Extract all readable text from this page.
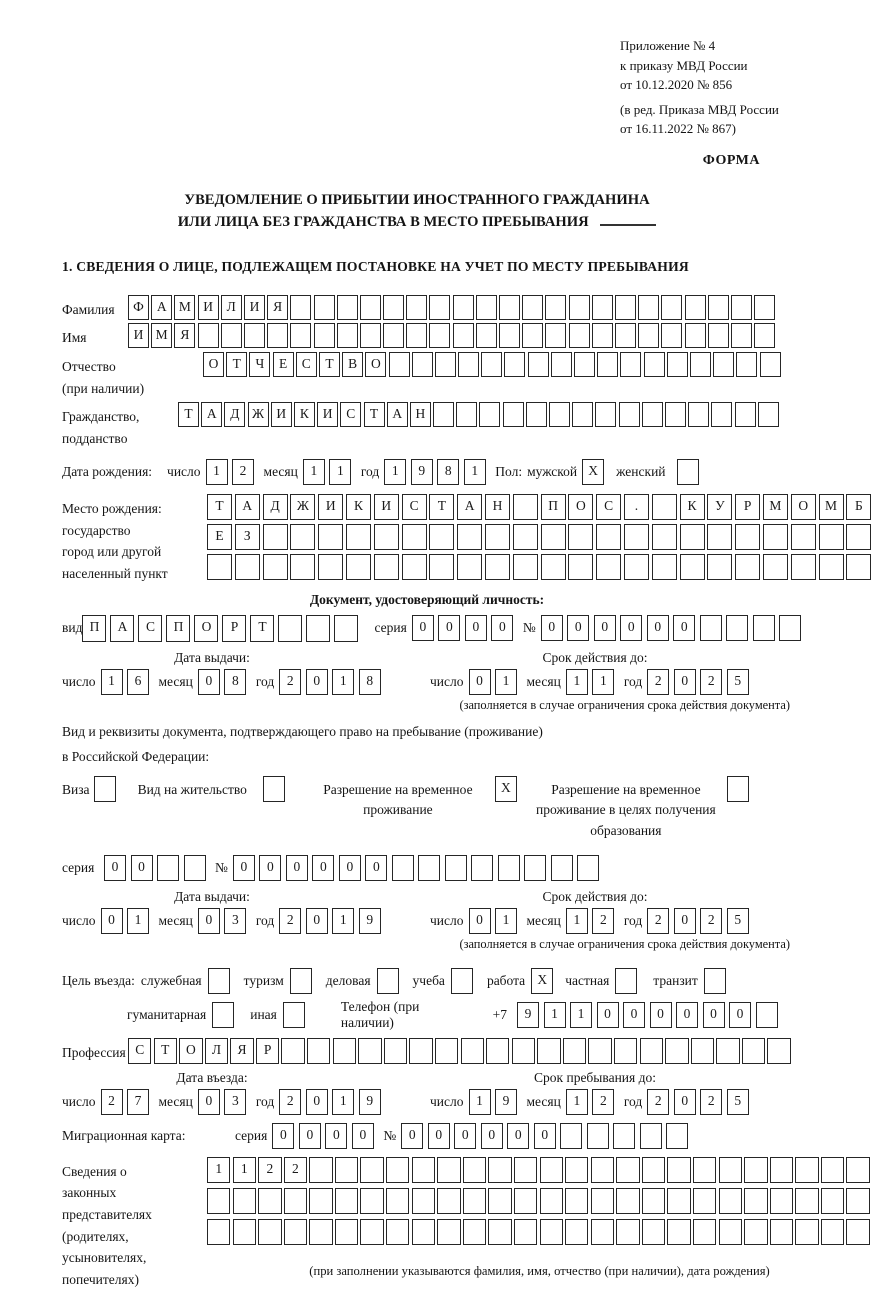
Приложение № 4
к приказу МВД России
от 10.12.2020 № 856
(в ред. Приказа МВД России
от 16.11.2022 № 867)
ФОРМА
УВЕДОМЛЕНИЕ О ПРИБЫТИИ ИНОСТРАННОГО ГРАЖДАНИНА
ИЛИ ЛИЦА БЕЗ ГРАЖДАНСТВА В МЕСТО ПРЕБЫВАНИЯ
1. СВЕДЕНИЯ О ЛИЦЕ, ПОДЛЕЖАЩЕМ ПОСТАНОВКЕ НА УЧЕТ ПО МЕСТУ ПРЕБЫВАНИЯ
Фамилия	Ф А М И	Л	И	Я
Имя	И М Я
Отчество
(при наличии)
О	Т	Ч	Е	С	Т	В	О
Гражданство,
подданство
Т	А	Д Ж И	К	И	С	Т	А Н
Дата рождения: число 1	2	месяц 1	1	год 1	9	8	1	Пол: мужской X	женский
Место рождения:
государство
город или другой
населенный пункт
Т	А	Д	Ж	И	К	И	С	Т	А	Н	П	О	С	.	К	У	Р	М	О	М	Б

Е	З

Документ, удостоверяющий личность:
вид П	А	С	П	О	Р	Т	серия 0	0	0	0	№ 0	0	0	0	0	0
Дата выдачи:
число 1	6	месяц 0	8	год 2	0	1	8
Срок действия до:
число 0	1	месяц 1	1	год 2	0	2	5
(заполняется в случае ограничения срока действия документа)
Вид и реквизиты документа, подтверждающего право на пребывание (проживание)
в Российской Федерации:
Виза	Вид на жительство	Разрешение на временное проживание
X	Разрешение на временное проживание в целях получения образования
серия	0	0	№ 0	0	0	0	0	0
Дата выдачи:
число 0	1	месяц 0	3	год 2	0	1	9
Срок действия до:
число 0	1	месяц 1	2	год 2	0	2	5
(заполняется в случае ограничения срока действия документа)
Цель въезда: служебная	туризм	деловая	учеба	работа X	частная	транзит
гуманитарная	иная
Телефон (при наличии)
+7	9	1	1	0	0	0	0	0	0
Профессия С	Т	О	Л	Я	Р
Дата въезда:
число 2	7	месяц 0	3	год 2	0	1	9
Срок пребывания до:
число 1	9	месяц 1	2	год 2	0	2	5
Миграционная карта:	серия 0	0	0	0	№ 0	0	0	0	0	0
Сведения о
законных
представителях
(родителях,
усыновителях,
попечителях)
1	1	2	2

(при заполнении указываются фамилия, имя, отчество (при наличии), дата рождения)
